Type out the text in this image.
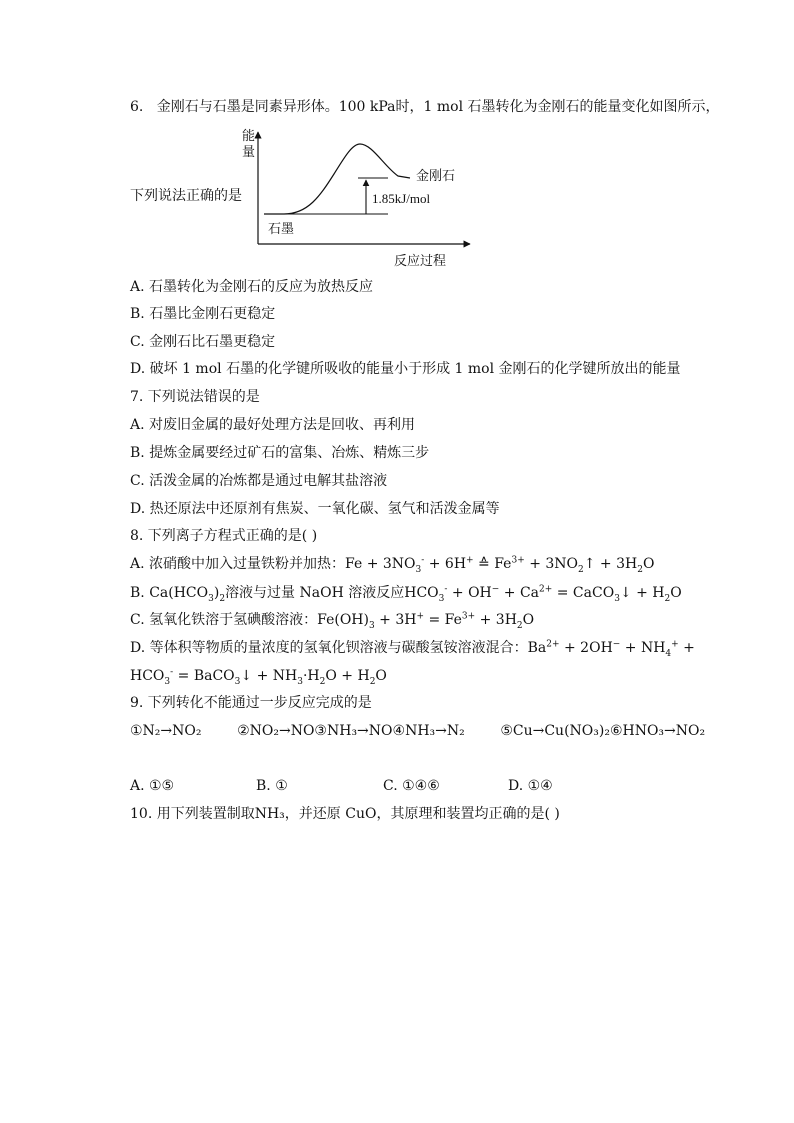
6. 金刚石与石墨是同素异形体。100 kPa时，1 mol 石墨转化为金刚石的能量变化如图所示，
下列说法正确的是
能
量
金刚石
1.85kJ/mol
石墨
反应过程
A. 石墨转化为金刚石的反应为放热反应
B. 石墨比金刚石更稳定
C. 金刚石比石墨更稳定
D. 破坏 1 mol 石墨的化学键所吸收的能量小于形成 1 mol 金刚石的化学键所放出的能量
7. 下列说法错误的是
A. 对废旧金属的最好处理方法是回收、再利用
B. 提炼金属要经过矿石的富集、冶炼、精炼三步
C. 活泼金属的冶炼都是通过电解其盐溶液
D. 热还原法中还原剂有焦炭、一氧化碳、氢气和活泼金属等
8. 下列离子方程式正确的是( )
A. 浓硝酸中加入过量铁粉并加热：$Fe + 3NO_3^- + 6H^+$ ≙ $Fe^{3+}$ + $3NO_2↑ + 3H_2O$
B. $Ca(HCO_3)_2$溶液与过量 NaOH 溶液反应$HCO_3^- + OH^- + Ca^{2+}$ = CaCO$_3$↓ + $H_2O$
C. 氢氧化铁溶于氢碘酸溶液：$Fe(OH)_3 + 3H^+ = Fe^{3+} + 3H_2O$
D. 等体积等物质的量浓度的氢氧化钡溶液与碳酸氢铵溶液混合：$Ba^{2+} + 2OH^- + NH_4^+$ +
$HCO_3^-$ = BaCO$_3$↓ + $NH_3\cdot H_2O + H_2O$
9. 下列转化不能通过一步反应完成的是
①N₂→NO₂        ②NO₂→NO③NH₃→NO④NH₃→N₂        ⑤Cu→Cu(NO₃)₂⑥HNO₃→NO₂
A. ①⑤	B. ①	C. ①④⑥	D. ①④
10. 用下列装置制取NH₃，并还原 CuO，其原理和装置均正确的是( )
